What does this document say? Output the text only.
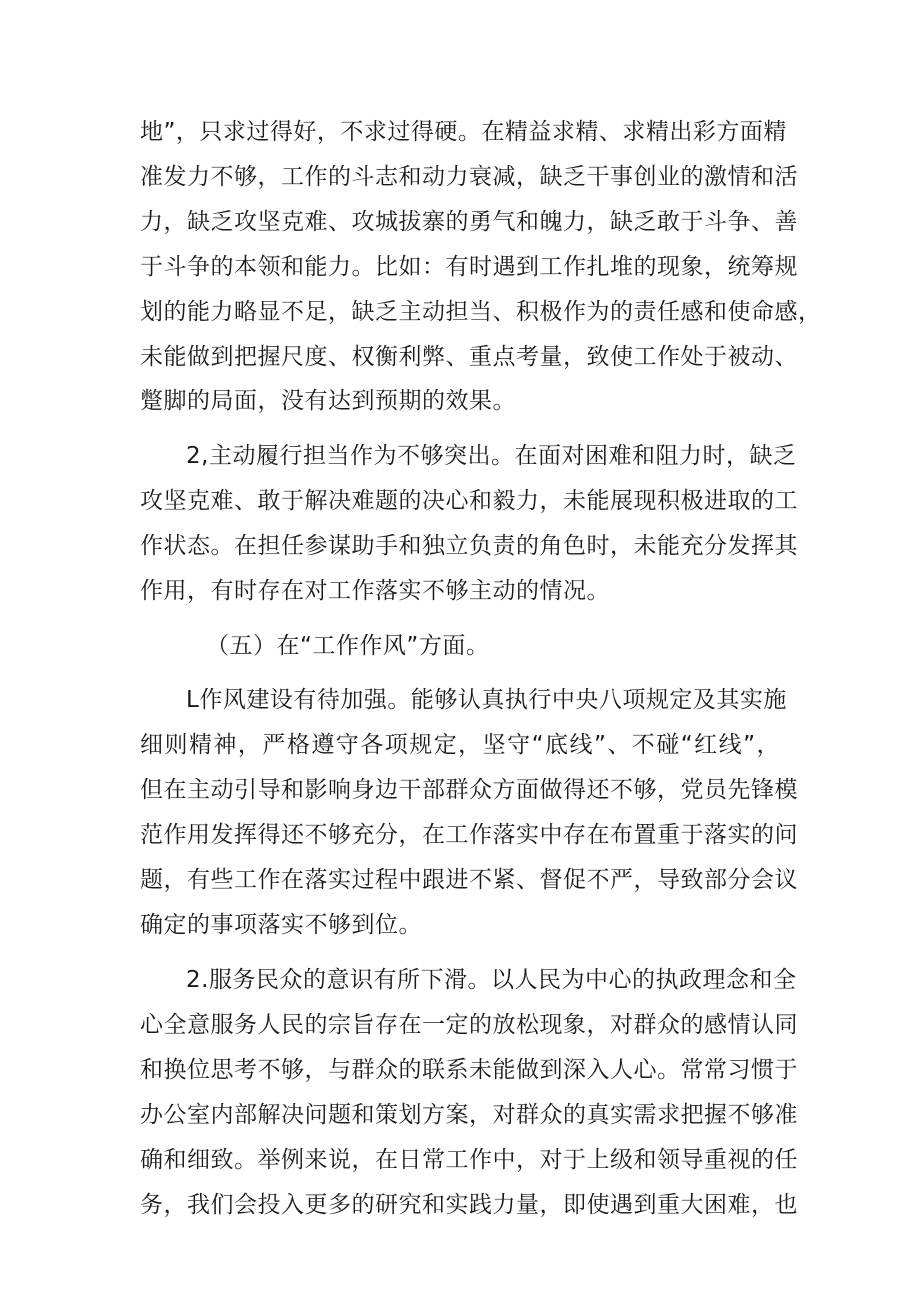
地”，只求过得好，不求过得硬。在精益求精、求精出彩方面精

准发力不够，工作的斗志和动力衰减，缺乏干事创业的激情和活

力，缺乏攻坚克难、攻城拔寨的勇气和魄力，缺乏敢于斗争、善

于斗争的本领和能力。比如：有时遇到工作扎堆的现象，统筹规

划的能力略显不足，缺乏主动担当、积极作为的责任感和使命感，

未能做到把握尺度、权衡利弊、重点考量，致使工作处于被动、

蹩脚的局面，没有达到预期的效果。

2,主动履行担当作为不够突出。在面对困难和阻力时，缺乏

攻坚克难、敢于解决难题的决心和毅力，未能展现积极进取的工

作状态。在担任参谋助手和独立负责的角色时，未能充分发挥其

作用，有时存在对工作落实不够主动的情况。

（五）在“工作作风”方面。

L作风建设有待加强。能够认真执行中央八项规定及其实施

细则精神，严格遵守各项规定，坚守“底线”、不碰“红线”，

但在主动引导和影响身边干部群众方面做得还不够，党员先锋模

范作用发挥得还不够充分，在工作落实中存在布置重于落实的问

题，有些工作在落实过程中跟进不紧、督促不严，导致部分会议

确定的事项落实不够到位。

2.服务民众的意识有所下滑。以人民为中心的执政理念和全

心全意服务人民的宗旨存在一定的放松现象，对群众的感情认同

和换位思考不够，与群众的联系未能做到深入人心。常常习惯于

办公室内部解决问题和策划方案，对群众的真实需求把握不够准

确和细致。举例来说，在日常工作中，对于上级和领导重视的任

务，我们会投入更多的研究和实践力量，即使遇到重大困难，也
